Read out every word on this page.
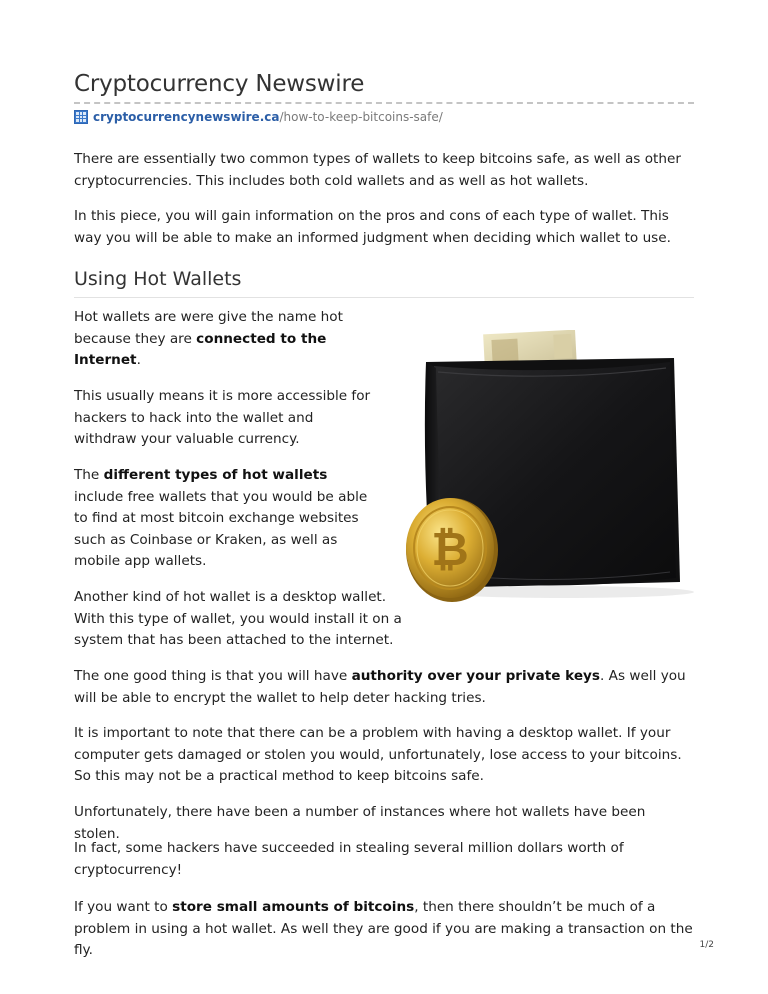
Cryptocurrency Newswire
cryptocurrencynewswire.ca /how-to-keep-bitcoins-safe/

There are essentially two common types of wallets to keep bitcoins safe, as well as other cryptocurrencies. This includes both cold wallets and as well as hot wallets.

In this piece, you will gain information on the pros and cons of each type of wallet. This way you will be able to make an informed judgment when deciding which wallet to use.

Using Hot Wallets

Hot wallets are were give the name hot because they are connected to the Internet.

This usually means it is more accessible for hackers to hack into the wallet and withdraw your valuable currency.

The different types of hot wallets include free wallets that you would be able to find at most bitcoin exchange websites such as Coinbase or Kraken, as well as mobile app wallets.

Another kind of hot wallet is a desktop wallet. With this type of wallet, you would install it on a system that has been attached to the internet.

The one good thing is that you will have authority over your private keys. As well you will be able to encrypt the wallet to help deter hacking tries.

It is important to note that there can be a problem with having a desktop wallet. If your computer gets damaged or stolen you would, unfortunately, lose access to your bitcoins. So this may not be a practical method to keep bitcoins safe.

Unfortunately, there have been a number of instances where hot wallets have been stolen.

In fact, some hackers have succeeded in stealing several million dollars worth of cryptocurrency!

If you want to store small amounts of bitcoins, then there shouldn’t be much of a problem in using a hot wallet. As well they are good if you are making a transaction on the fly.

₿
1/2
